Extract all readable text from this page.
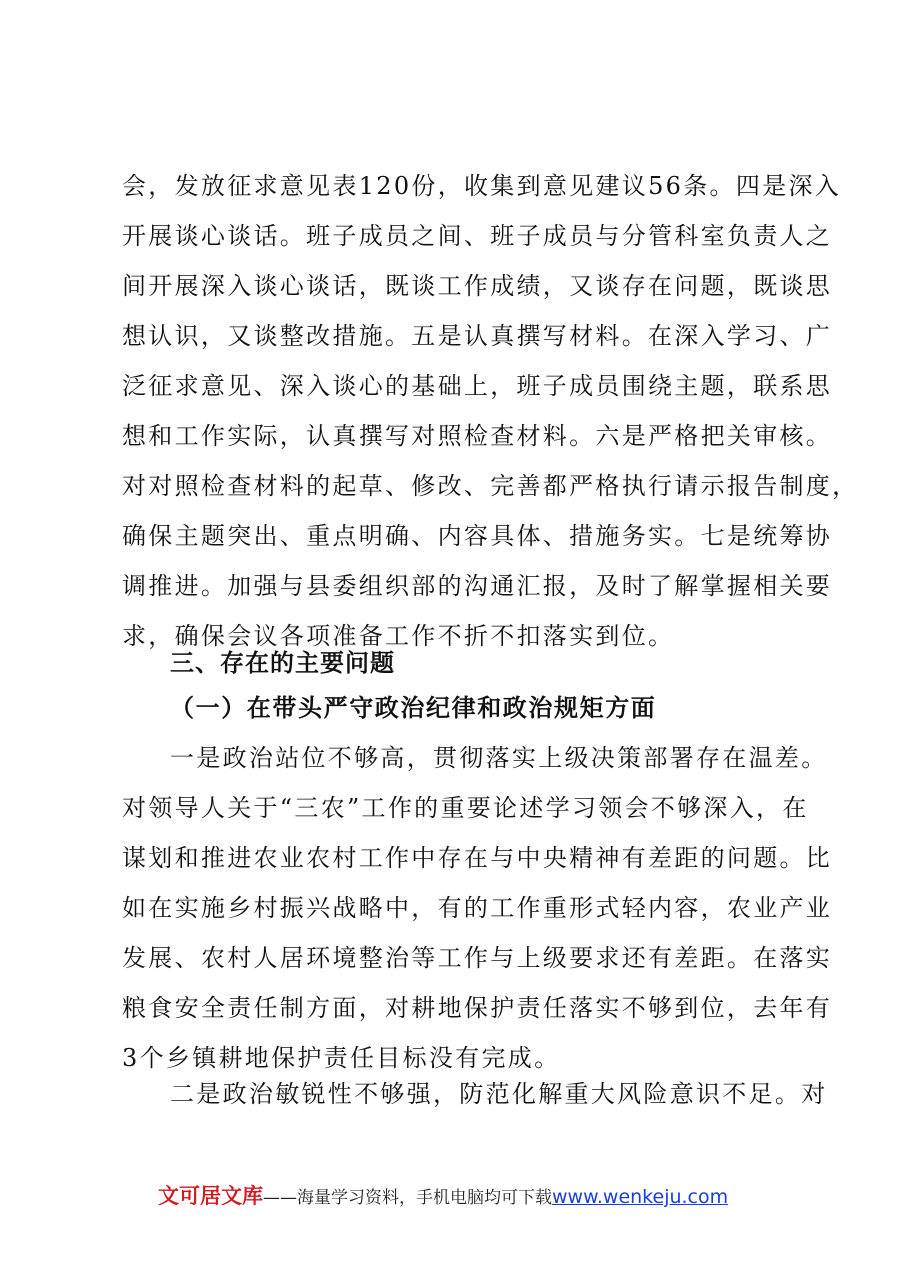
会，发放征求意见表120份，收集到意见建议56条。四是深入
开展谈心谈话。班子成员之间、班子成员与分管科室负责人之
间开展深入谈心谈话，既谈工作成绩，又谈存在问题，既谈思
想认识，又谈整改措施。五是认真撰写材料。在深入学习、广
泛征求意见、深入谈心的基础上，班子成员围绕主题，联系思
想和工作实际，认真撰写对照检查材料。六是严格把关审核。
对对照检查材料的起草、修改、完善都严格执行请示报告制度，
确保主题突出、重点明确、内容具体、措施务实。七是统筹协
调推进。加强与县委组织部的沟通汇报，及时了解掌握相关要
求，确保会议各项准备工作不折不扣落实到位。
三、存在的主要问题
（一）在带头严守政治纪律和政治规矩方面
一是政治站位不够高，贯彻落实上级决策部署存在温差。
对领导人关于“三农”工作的重要论述学习领会不够深入，在
谋划和推进农业农村工作中存在与中央精神有差距的问题。比
如在实施乡村振兴战略中，有的工作重形式轻内容，农业产业
发展、农村人居环境整治等工作与上级要求还有差距。在落实
粮食安全责任制方面，对耕地保护责任落实不够到位，去年有
3个乡镇耕地保护责任目标没有完成。
二是政治敏锐性不够强，防范化解重大风险意识不足。对
文可居文库——海量学习资料，手机电脑均可下载www.wenkeju.com
